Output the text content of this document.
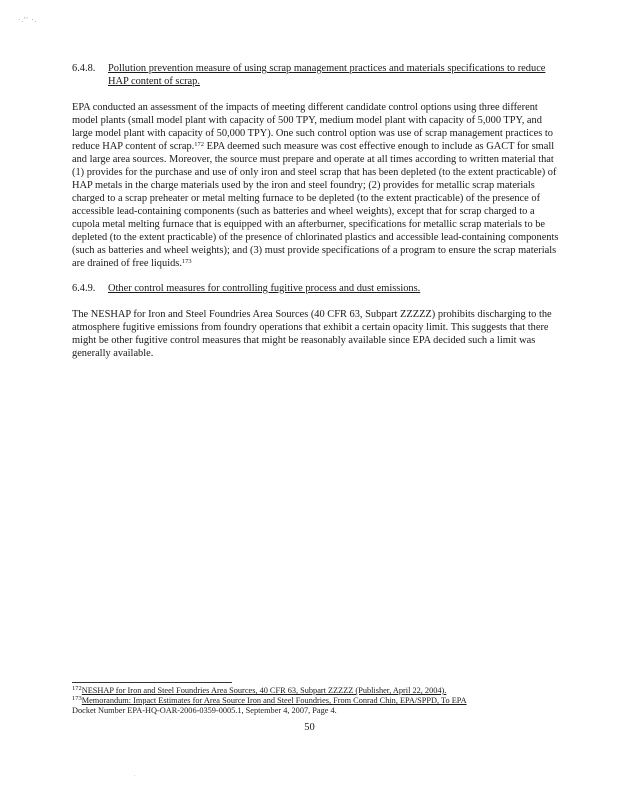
·.'' ·.
6.4.8.	Pollution prevention measure of using scrap management practices and materials specifications to reduce HAP content of scrap.

EPA conducted an assessment of the impacts of meeting different candidate control options using three different model plants (small model plant with capacity of 500 TPY, medium model plant with capacity of 5,000 TPY, and large model plant with capacity of 50,000 TPY). One such control option was use of scrap management practices to reduce HAP content of scrap.$^{172}$ EPA deemed such measure was cost effective enough to include as GACT for small and large area sources. Moreover, the source must prepare and operate at all times according to written material that (1) provides for the purchase and use of only iron and steel scrap that has been depleted (to the extent practicable) of HAP metals in the charge materials used by the iron and steel foundry; (2) provides for metallic scrap materials charged to a scrap preheater or metal melting furnace to be depleted (to the extent practicable) of the presence of accessible lead-containing components (such as batteries and wheel weights), except that for scrap charged to a cupola metal melting furnace that is equipped with an afterburner, specifications for metallic scrap materials to be depleted (to the extent practicable) of the presence of chlorinated plastics and accessible lead-containing components (such as batteries and wheel weights); and (3) must provide specifications of a program to ensure the scrap materials are drained of free liquids.$^{173}$

6.4.9.	Other control measures for controlling fugitive process and dust emissions.

The NESHAP for Iron and Steel Foundries Area Sources (40 CFR 63, Subpart ZZZZZ) prohibits discharging to the atmosphere fugitive emissions from foundry operations that exhibit a certain opacity limit. This suggests that there might be other fugitive control measures that might be reasonably available since EPA decided such a limit was generally available.

$^{172}$NESHAP for Iron and Steel Foundries Area Sources, 40 CFR 63, Subpart ZZZZZ (Publisher, April 22, 2004).
$^{173}$Memorandum: Impact Estimates for Area Source Iron and Steel Foundries, From Conrad Chin, EPA/SPPD, To EPA
Docket Number EPA-HQ-OAR-2006-0359-0005.1, September 4, 2007, Page 4.
50
.
